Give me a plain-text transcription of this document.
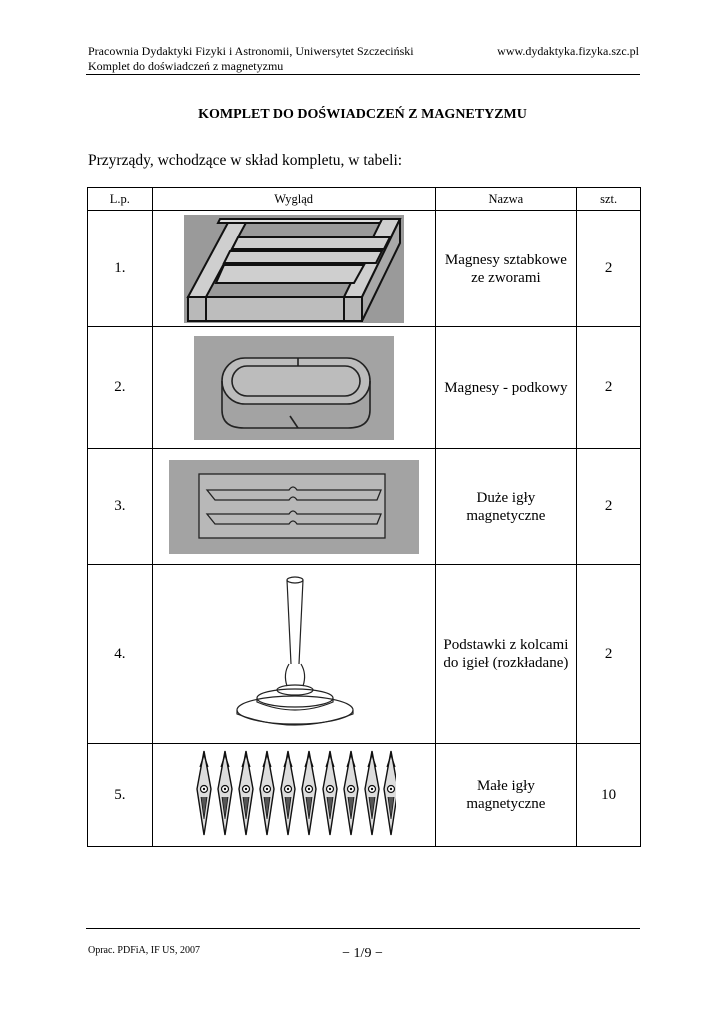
Pracownia Dydaktyki Fizyki i Astronomii, Uniwersytet Szczeciński
Komplet do doświadczeń z magnetyzmu
www.dydaktyka.fizyka.szc.pl
KOMPLET DO DOŚWIADCZEŃ Z MAGNETYZMU
Przyrządy, wchodzące w skład kompletu, w tabeli:
L.p.	Wygląd	Nazwa	szt.
1.		Magnesy sztabkowe
ze zworami	2
2.		Magnesy - podkowy	2
3.		Duże igły
magnetyczne	2
4.		Podstawki z kolcami
do igieł (rozkładane)	2
5.		Małe igły
magnetyczne	10
Oprac. PDFiA, IF US, 2007	− 1/9 −
